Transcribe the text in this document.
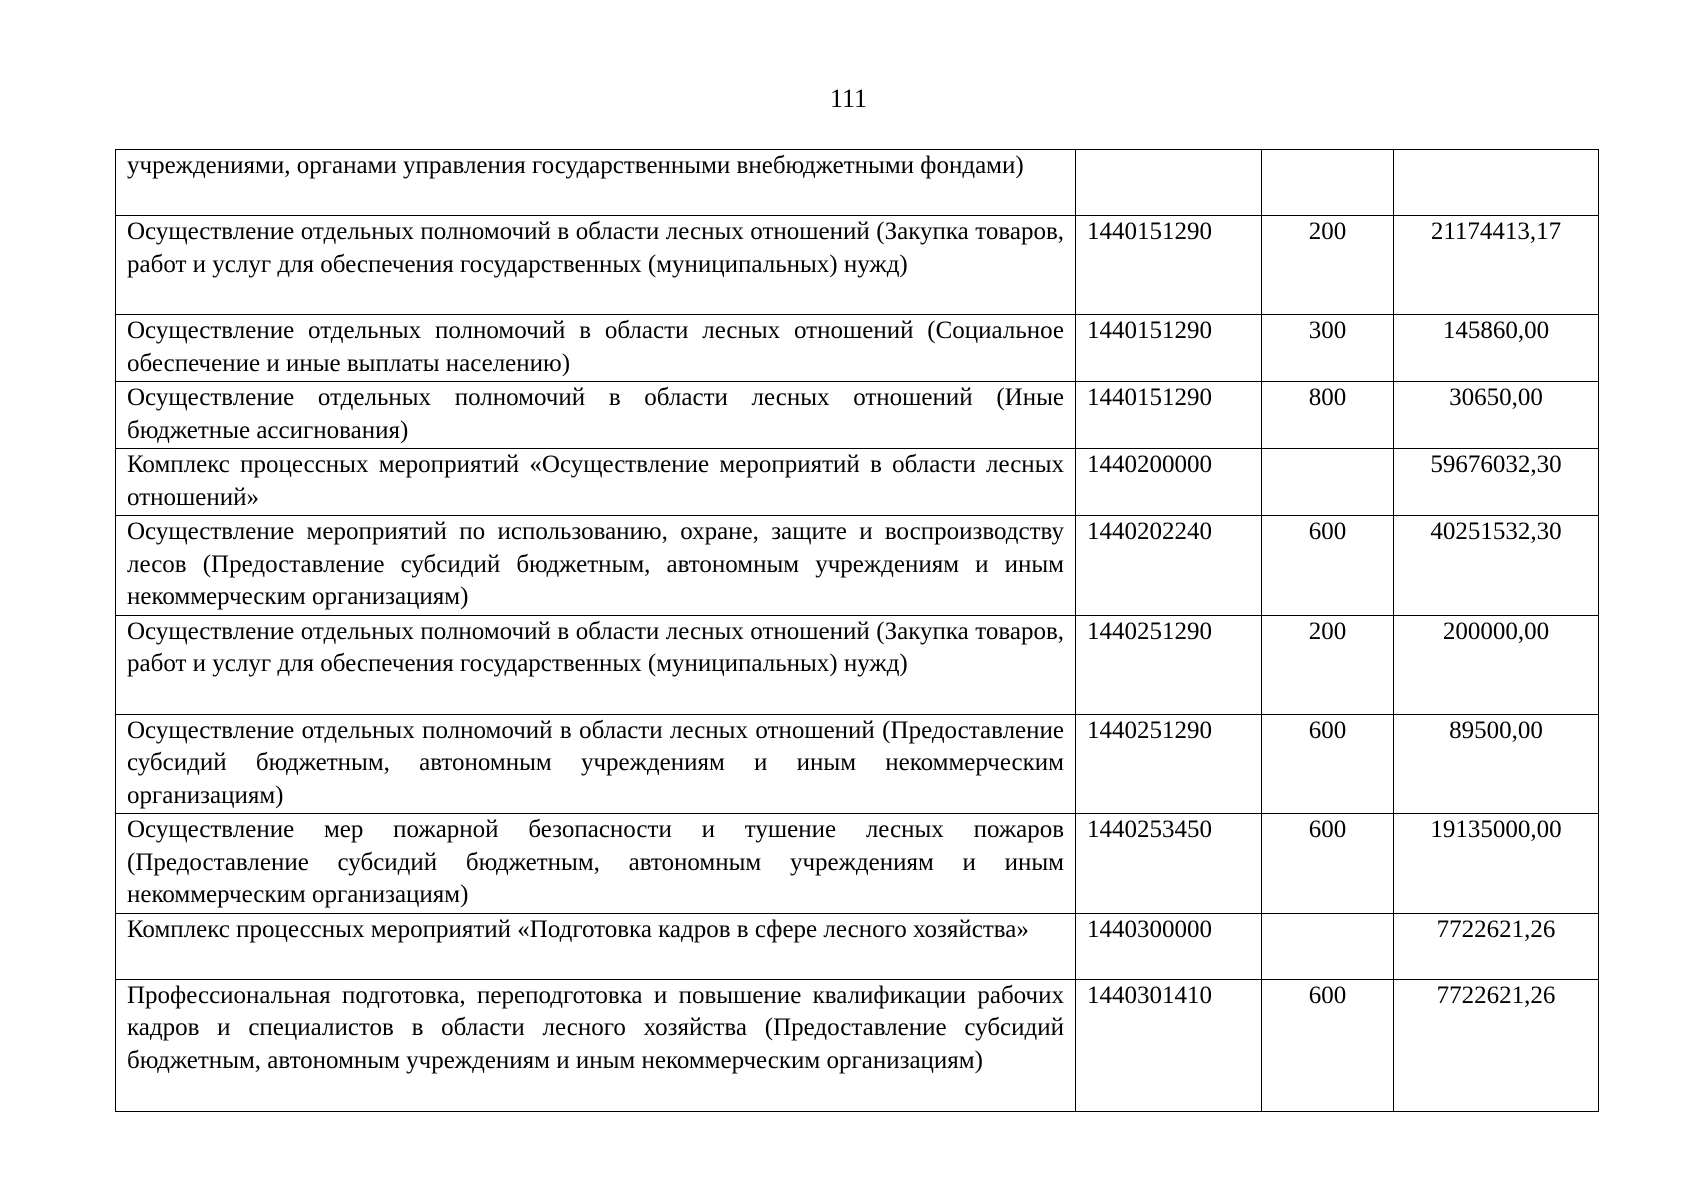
111
учреждениями, органами управления государственными внебюджетными фондами)			
Осуществление отдельных полномочий в области лесных отношений (Закупка товаров, работ и услуг для обеспечения государственных (муниципальных) нужд)	1440151290	200	21174413,17
Осуществление отдельных полномочий в области лесных отношений (Социальное обеспечение и иные выплаты населению)	1440151290	300	145860,00
Осуществление отдельных полномочий в области лесных отношений (Иные бюджетные ассигнования)	1440151290	800	30650,00
Комплекс процессных мероприятий «Осуществление мероприятий в области лесных отношений»	1440200000		59676032,30
Осуществление мероприятий по использованию, охране, защите и воспроизводству лесов (Предоставление субсидий бюджетным, автономным учреждениям и иным некоммерческим организациям)	1440202240	600	40251532,30
Осуществление отдельных полномочий в области лесных отношений (Закупка товаров, работ и услуг для обеспечения государственных (муниципальных) нужд)	1440251290	200	200000,00
Осуществление отдельных полномочий в области лесных отношений (Предоставление субсидий бюджетным, автономным учреждениям и иным некоммерческим организациям)	1440251290	600	89500,00
Осуществление мер пожарной безопасности и тушение лесных пожаров (Предоставление субсидий бюджетным, автономным учреждениям и иным некоммерческим организациям)	1440253450	600	19135000,00
Комплекс процессных мероприятий «Подготовка кадров в сфере лесного хозяйства»	1440300000		7722621,26
Профессиональная подготовка, переподготовка и повышение квалификации рабочих кадров и специалистов в области лесного хозяйства (Предоставление субсидий бюджетным, автономным учреждениям и иным некоммерческим организациям)	1440301410	600	7722621,26
